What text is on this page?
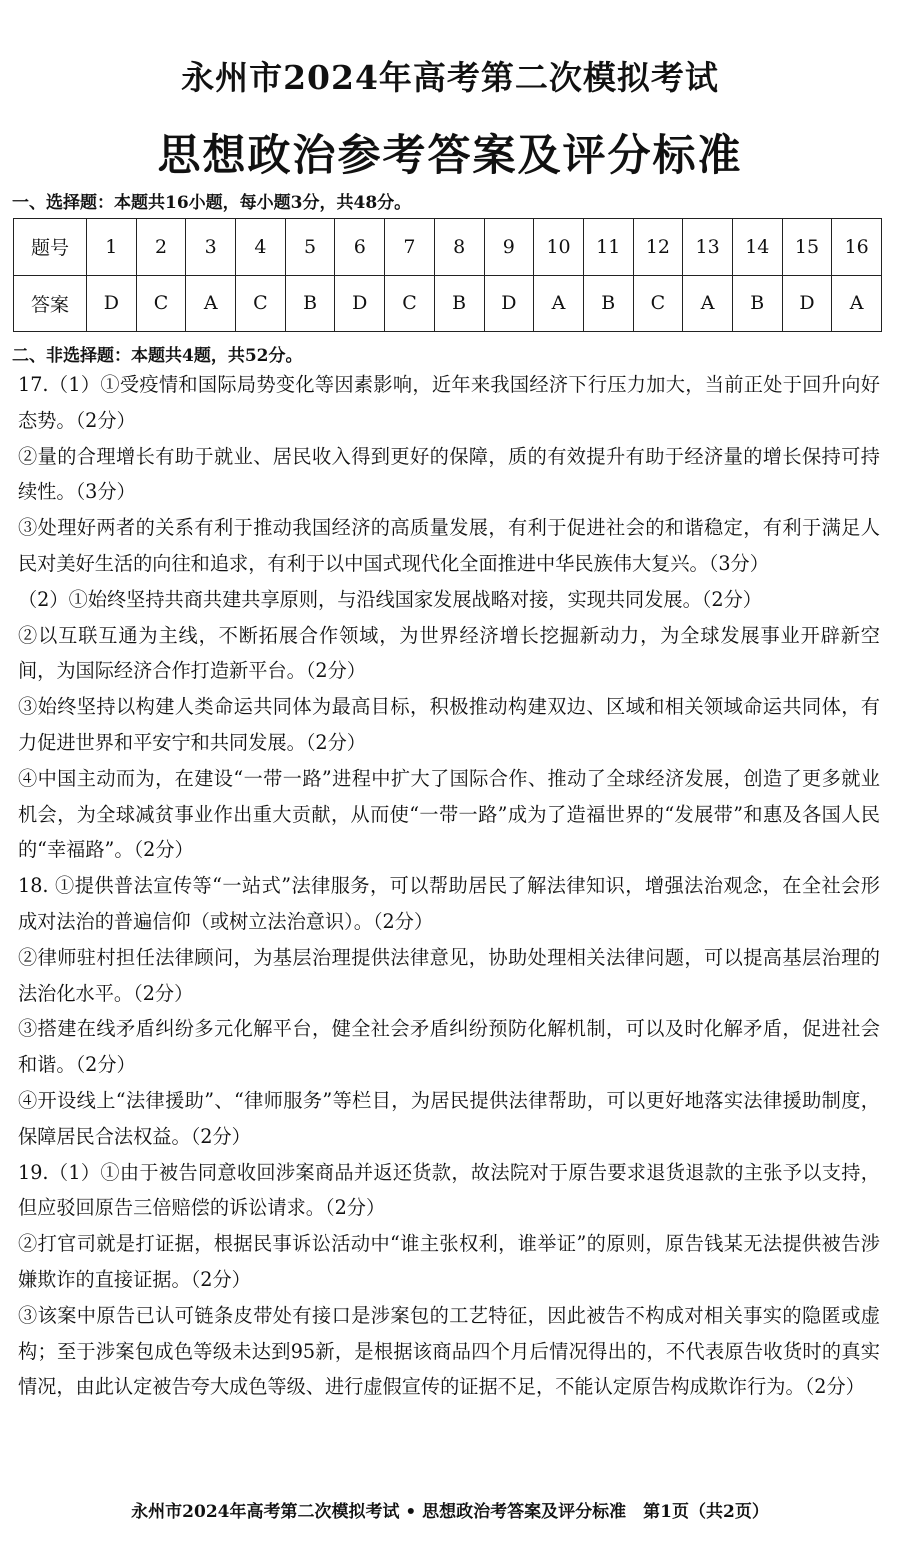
永州市2024年高考第二次模拟考试
思想政治参考答案及评分标准
一、选择题：本题共16小题，每小题3分，共48分。
题号	1	2	3	4	5	6	7	8	9	10	11	12	13	14	15	16
答案	D	C	A	C	B	D	C	B	D	A	B	C	A	B	D	A
二、非选择题：本题共4题，共52分。

17.（1）①受疫情和国际局势变化等因素影响，近年来我国经济下行压力加大，当前正处于回升向好态势。（2分）

②量的合理增长有助于就业、居民收入得到更好的保障，质的有效提升有助于经济量的增长保持可持续性。（3分）

③处理好两者的关系有利于推动我国经济的高质量发展，有利于促进社会的和谐稳定，有利于满足人民对美好生活的向往和追求，有利于以中国式现代化全面推进中华民族伟大复兴。（3分）

（2）①始终坚持共商共建共享原则，与沿线国家发展战略对接，实现共同发展。（2分）

②以互联互通为主线，不断拓展合作领域，为世界经济增长挖掘新动力，为全球发展事业开辟新空间，为国际经济合作打造新平台。（2分）

③始终坚持以构建人类命运共同体为最高目标，积极推动构建双边、区域和相关领域命运共同体，有力促进世界和平安宁和共同发展。（2分）

④中国主动而为，在建设“一带一路”进程中扩大了国际合作、推动了全球经济发展，创造了更多就业机会，为全球减贫事业作出重大贡献，从而使“一带一路”成为了造福世界的“发展带”和惠及各国人民的“幸福路”。（2分）

18. ①提供普法宣传等“一站式”法律服务，可以帮助居民了解法律知识，增强法治观念，在全社会形成对法治的普遍信仰（或树立法治意识）。（2分）

②律师驻村担任法律顾问，为基层治理提供法律意见，协助处理相关法律问题，可以提高基层治理的法治化水平。（2分）

③搭建在线矛盾纠纷多元化解平台，健全社会矛盾纠纷预防化解机制，可以及时化解矛盾，促进社会和谐。（2分）

④开设线上“法律援助”、“律师服务”等栏目，为居民提供法律帮助，可以更好地落实法律援助制度，保障居民合法权益。（2分）

19.（1）①由于被告同意收回涉案商品并返还货款，故法院对于原告要求退货退款的主张予以支持，但应驳回原告三倍赔偿的诉讼请求。（2分）

②打官司就是打证据，根据民事诉讼活动中“谁主张权利，谁举证”的原则，原告钱某无法提供被告涉嫌欺诈的直接证据。（2分）

③该案中原告已认可链条皮带处有接口是涉案包的工艺特征，因此被告不构成对相关事实的隐匿或虚构；至于涉案包成色等级未达到95新，是根据该商品四个月后情况得出的，不代表原告收货时的真实情况，由此认定被告夸大成色等级、进行虚假宣传的证据不足，不能认定原告构成欺诈行为。（2分）

永州市2024年高考第二次模拟考试 • 思想政治考答案及评分标准　第1页（共2页）
